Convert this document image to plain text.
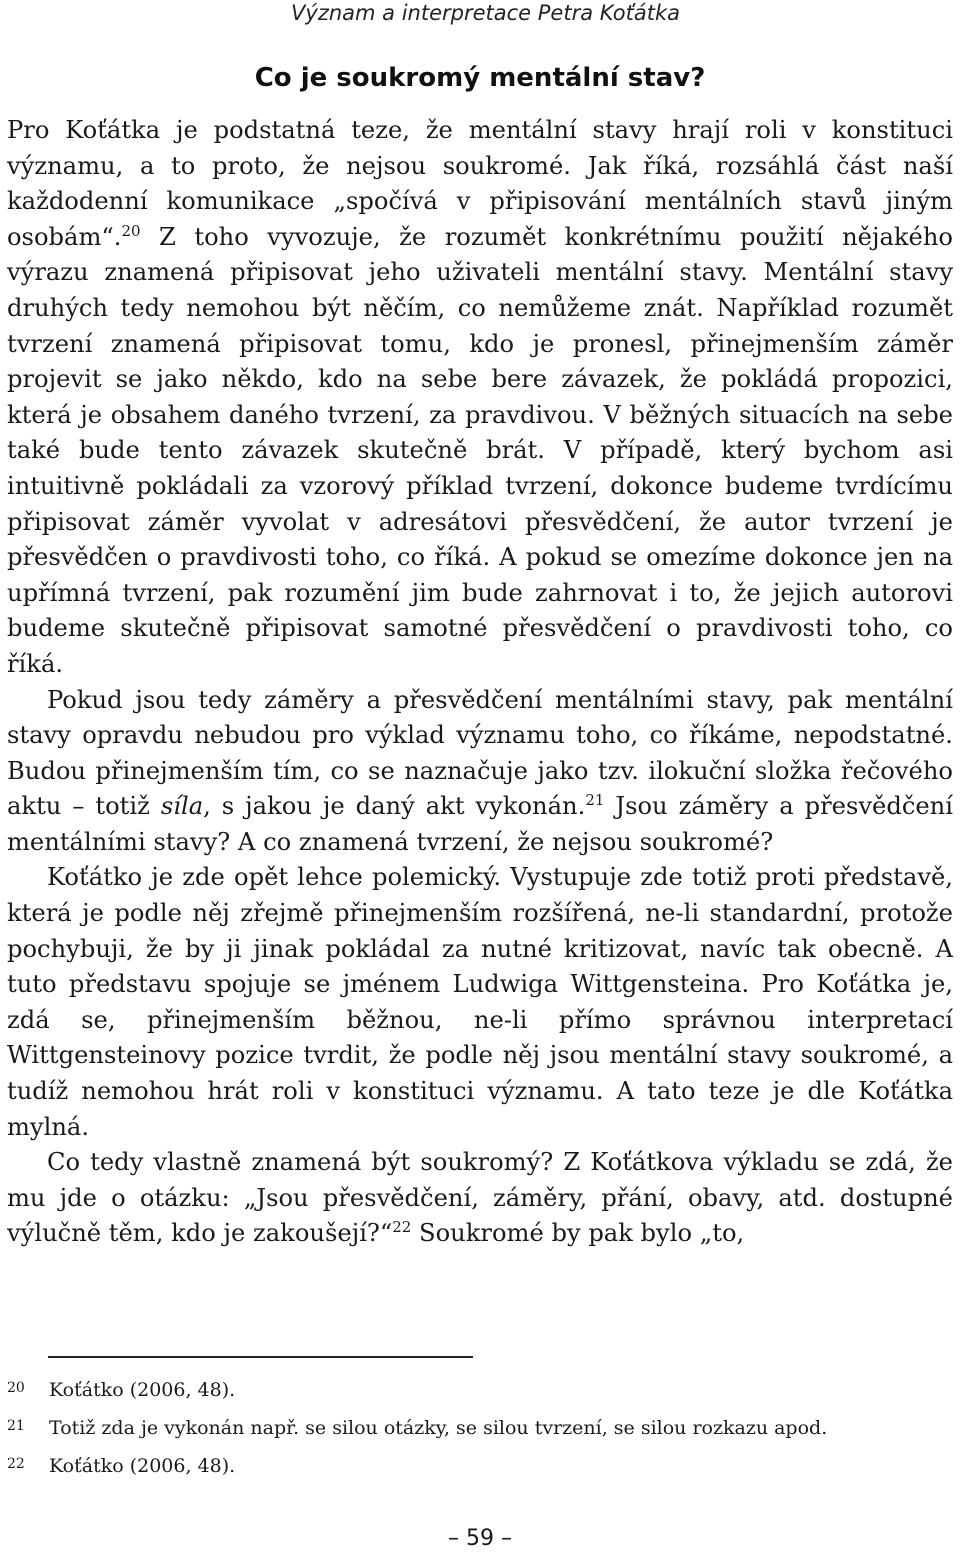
Význam a interpretace Petra Koťátka
Co je soukromý mentální stav?

Pro Koťátka je podstatná teze, že mentální stavy hrají roli v konstituci významu, a to proto, že nejsou soukromé. Jak říká, rozsáhlá část naší každodenní komunikace „spočívá v připisování mentálních stavů jiným osobám“.$^{20}$ Z toho vyvozuje, že rozumět konkrétnímu použití nějakého výrazu znamená připisovat jeho uživateli mentální stavy. Mentální stavy druhých tedy nemohou být něčím, co nemůžeme znát. Například rozumět tvrzení znamená připisovat tomu, kdo je pronesl, přinejmenším záměr projevit se jako někdo, kdo na sebe bere závazek, že pokládá propozici, která je obsahem daného tvrzení, za pravdivou. V běžných situacích na sebe také bude tento závazek skutečně brát. V případě, který bychom asi intuitivně pokládali za vzorový příklad tvrzení, dokonce budeme tvrdícímu připisovat záměr vyvolat v adresátovi přesvědčení, že autor tvrzení je přesvědčen o pravdivosti toho, co říká. A pokud se omezíme dokonce jen na upřímná tvrzení, pak rozumění jim bude zahrnovat i to, že jejich autorovi budeme skutečně připisovat samotné přesvědčení o pravdivosti toho, co říká.

Pokud jsou tedy záměry a přesvědčení mentálními stavy, pak mentální stavy opravdu nebudou pro výklad významu toho, co říkáme, nepodstatné. Budou přinejmenším tím, co se naznačuje jako tzv. ilokuční složka řečového aktu – totiž síla, s jakou je daný akt vykonán.$^{21}$ Jsou záměry a přesvědčení mentálními stavy? A co znamená tvrzení, že nejsou soukromé?

Koťátko je zde opět lehce polemický. Vystupuje zde totiž proti představě, která je podle něj zřejmě přinejmenším rozšířená, ne-li standardní, protože pochybuji, že by ji jinak pokládal za nutné kritizovat, navíc tak obecně. A tuto představu spojuje se jménem Ludwiga Wittgensteina. Pro Koťátka je, zdá se, přinejmenším běžnou, ne-li přímo správnou interpretací Wittgensteinovy pozice tvrdit, že podle něj jsou mentální stavy soukromé, a tudíž nemohou hrát roli v konstituci významu. A tato teze je dle Koťátka mylná.

Co tedy vlastně znamená být soukromý? Z Koťátkova výkladu se zdá, že mu jde o otázku: „Jsou přesvědčení, záměry, přání, obavy, atd. dostupné výlučně těm, kdo je zakoušejí?“$^{22}$ Soukromé by pak bylo „to,

20	Koťátko (2006, 48).
21	Totiž zda je vykonán např. se silou otázky, se silou tvrzení, se silou rozkazu apod.
22	Koťátko (2006, 48).
– 59 –
